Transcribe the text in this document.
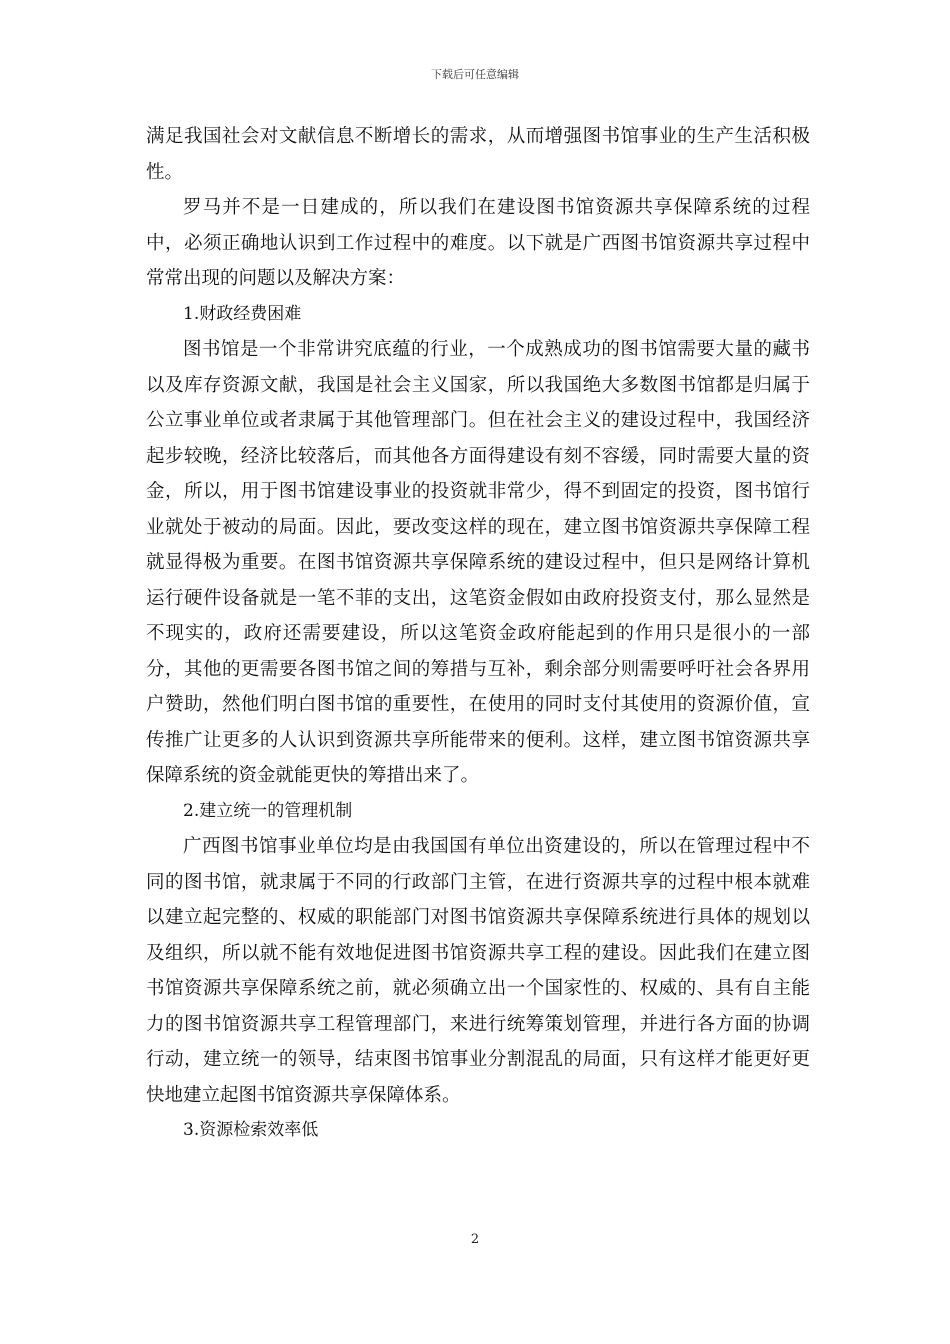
下载后可任意编辑

满足我国社会对文献信息不断增长的需求，从而增强图书馆事业的生产生活积极性。

罗马并不是一日建成的，所以我们在建设图书馆资源共享保障系统的过程中，必须正确地认识到工作过程中的难度。以下就是广西图书馆资源共享过程中常常出现的问题以及解决方案：

1.财政经费困难

图书馆是一个非常讲究底蕴的行业，一个成熟成功的图书馆需要大量的藏书以及库存资源文献，我国是社会主义国家，所以我国绝大多数图书馆都是归属于公立事业单位或者隶属于其他管理部门。但在社会主义的建设过程中，我国经济起步较晚，经济比较落后，而其他各方面得建设有刻不容缓，同时需要大量的资金，所以，用于图书馆建设事业的投资就非常少，得不到固定的投资，图书馆行业就处于被动的局面。因此，要改变这样的现在，建立图书馆资源共享保障工程就显得极为重要。在图书馆资源共享保障系统的建设过程中，但只是网络计算机运行硬件设备就是一笔不菲的支出，这笔资金假如由政府投资支付，那么显然是不现实的，政府还需要建设，所以这笔资金政府能起到的作用只是很小的一部分，其他的更需要各图书馆之间的筹措与互补，剩余部分则需要呼吁社会各界用户赞助，然他们明白图书馆的重要性，在使用的同时支付其使用的资源价值，宣传推广让更多的人认识到资源共享所能带来的便利。这样，建立图书馆资源共享保障系统的资金就能更快的筹措出来了。

2.建立统一的管理机制

广西图书馆事业单位均是由我国国有单位出资建设的，所以在管理过程中不同的图书馆，就隶属于不同的行政部门主管，在进行资源共享的过程中根本就难以建立起完整的、权威的职能部门对图书馆资源共享保障系统进行具体的规划以及组织，所以就不能有效地促进图书馆资源共享工程的建设。因此我们在建立图书馆资源共享保障系统之前，就必须确立出一个国家性的、权威的、具有自主能力的图书馆资源共享工程管理部门，来进行统筹策划管理，并进行各方面的协调行动，建立统一的领导，结束图书馆事业分割混乱的局面，只有这样才能更好更快地建立起图书馆资源共享保障体系。

3.资源检索效率低

2
